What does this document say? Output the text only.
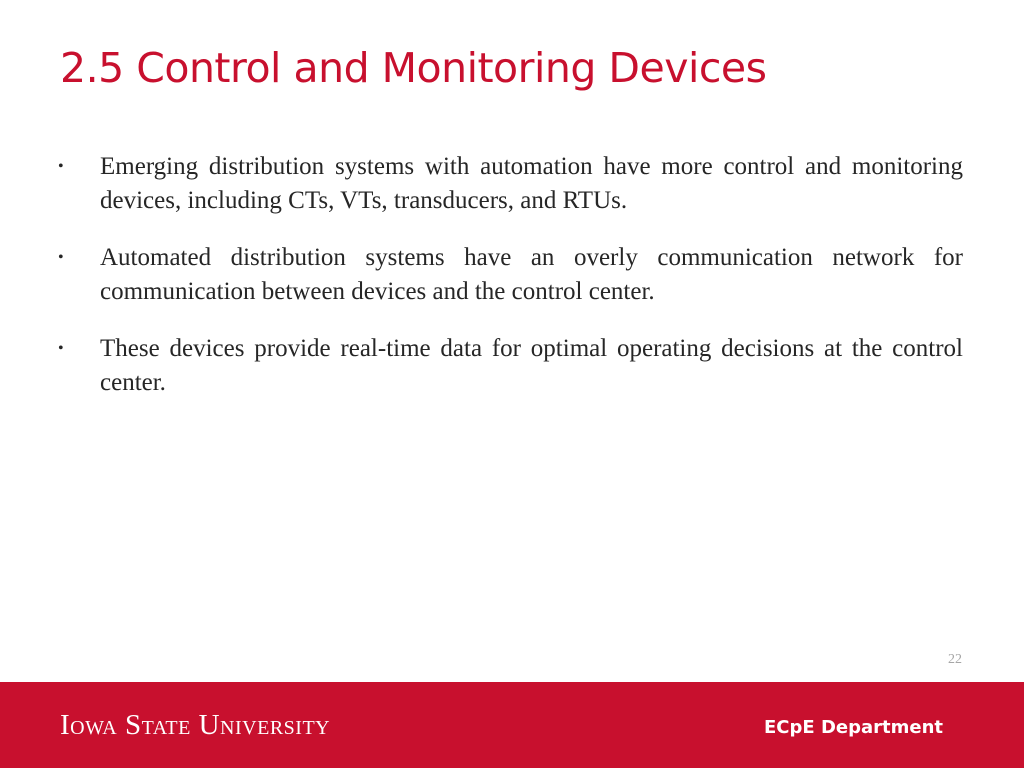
2.5 Control and Monitoring Devices
• Emerging distribution systems with automation have more control and monitoring devices, including CTs, VTs, transducers, and RTUs.
• Automated distribution systems have an overly communication network for communication between devices and the control center.
• These devices provide real-time data for optimal operating decisions at the control center.
22
Iowa State University	ECpE Department
